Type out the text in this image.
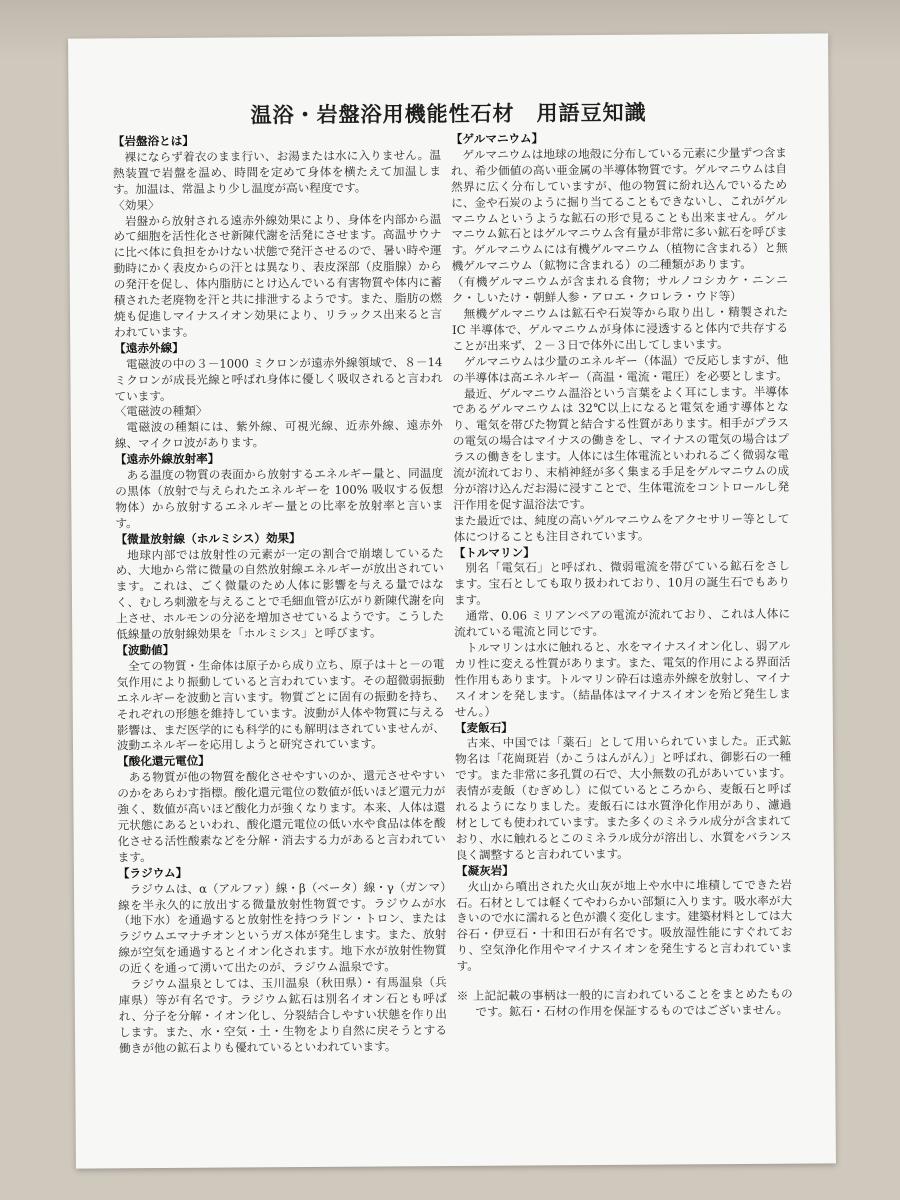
温浴・岩盤浴用機能性石材　用語豆知識
【岩盤浴とは】
裸にならず着衣のまま行い、お湯または水に入りません。温熱装置で岩盤を温め、時間を定めて身体を横たえて加温します。加温は、常温より少し温度が高い程度です。
〈効果〉
岩盤から放射される遠赤外線効果により、身体を内部から温めて細胞を活性化させ新陳代謝を活発にさせます。高温サウナに比べ体に負担をかけない状態で発汗させるので、暑い時や運動時にかく表皮からの汗とは異なり、表皮深部（皮脂腺）からの発汗を促し、体内脂肪にとけ込んでいる有害物質や体内に蓄積された老廃物を汗と共に排泄するようです。また、脂肪の燃焼も促進しマイナスイオン効果により、リラックス出来ると言われています。
【遠赤外線】
電磁波の中の３－1000 ミクロンが遠赤外線領域で、８－14 ミクロンが成長光線と呼ばれ身体に優しく吸収されると言われています。
〈電磁波の種類〉
電磁波の種類には、紫外線、可視光線、近赤外線、遠赤外線、マイクロ波があります。
【遠赤外線放射率】
ある温度の物質の表面から放射するエネルギー量と、同温度の黒体（放射で与えられたエネルギーを 100% 吸収する仮想物体）から放射するエネルギー量との比率を放射率と言います。
【微量放射線（ホルミシス）効果】
地球内部では放射性の元素が一定の割合で崩壊しているため、大地から常に微量の自然放射線エネルギーが放出されています。これは、ごく微量のため人体に影響を与える量ではなく、むしろ刺激を与えることで毛細血管が広がり新陳代謝を向上させ、ホルモンの分泌を増加させているようです。こうした低線量の放射線効果を「ホルミシス」と呼びます。
【波動値】
全ての物質・生命体は原子から成り立ち、原子は＋と－の電気作用により振動していると言われています。その超微弱振動エネルギーを波動と言います。物質ごとに固有の振動を持ち、それぞれの形態を維持しています。波動が人体や物質に与える影響は、まだ医学的にも科学的にも解明はされていませんが、波動エネルギーを応用しようと研究されています。
【酸化還元電位】
ある物質が他の物質を酸化させやすいのか、還元させやすいのかをあらわす指標。酸化還元電位の数値が低いほど還元力が強く、数値が高いほど酸化力が強くなります。本来、人体は還元状態にあるといわれ、酸化還元電位の低い水や食品は体を酸化させる活性酸素などを分解・消去する力があると言われています。
【ラジウム】
ラジウムは、α（アルファ）線・β（ベータ）線・γ（ガンマ）線を半永久的に放出する微量放射性物質です。ラジウムが水（地下水）を通過すると放射性を持つラドン・トロン、またはラジウムエマナチオンというガス体が発生します。また、放射線が空気を通過するとイオン化されます。地下水が放射性物質の近くを通って湧いて出たのが、ラジウム温泉です。
ラジウム温泉としては、玉川温泉（秋田県）・有馬温泉（兵庫県）等が有名です。ラジウム鉱石は別名イオン石とも呼ばれ、分子を分解・イオン化し、分裂結合しやすい状態を作り出します。また、水・空気・土・生物をより自然に戻そうとする働きが他の鉱石よりも優れているといわれています。
【ゲルマニウム】
ゲルマニウムは地球の地殻に分布している元素に少量ずつ含まれ、希少価値の高い亜金属の半導体物質です。ゲルマニウムは自然界に広く分布していますが、他の物質に紛れ込んでいるために、金や石炭のように掘り当てることもできないし、これがゲルマニウムというような鉱石の形で見ることも出来ません。ゲルマニウム鉱石とはゲルマニウム含有量が非常に多い鉱石を呼びます。ゲルマニウムには有機ゲルマニウム（植物に含まれる）と無機ゲルマニウム（鉱物に含まれる）の二種類があります。
（有機ゲルマニウムが含まれる食物；サルノコシカケ・ニンニク・しいたけ・朝鮮人参・アロエ・クロレラ・ウド等）
無機ゲルマニウムは鉱石や石炭等から取り出し・精製された IC 半導体で、ゲルマニウムが身体に浸透すると体内で共存することが出来ず、２－３日で体外に出してしまいます。
ゲルマニウムは少量のエネルギー（体温）で反応しますが、他の半導体は高エネルギー（高温・電流・電圧）を必要とします。
最近、ゲルマニウム温浴という言葉をよく耳にします。半導体であるゲルマニウムは 32℃以上になると電気を通す導体となり、電気を帯びた物質と結合する性質があります。相手がプラスの電気の場合はマイナスの働きをし、マイナスの電気の場合はプラスの働きをします。人体には生体電流といわれるごく微弱な電流が流れており、末梢神経が多く集まる手足をゲルマニウムの成分が溶け込んだお湯に浸すことで、生体電流をコントロールし発汗作用を促す温浴法です。
また最近では、純度の高いゲルマニウムをアクセサリー等として体につけることも注目されています。
【トルマリン】
別名「電気石」と呼ばれ、微弱電流を帯びている鉱石をさします。宝石としても取り扱われており、10月の誕生石でもあります。
通常、0.06 ミリアンペアの電流が流れており、これは人体に流れている電流と同じです。
トルマリンは水に触れると、水をマイナスイオン化し、弱アルカリ性に変える性質があります。また、電気的作用による界面活性作用もあります。トルマリン砕石は遠赤外線を放射し、マイナスイオンを発します。（結晶体はマイナスイオンを殆ど発生しません。）
【麦飯石】
古来、中国では「薬石」として用いられていました。正式鉱物名は「花崗斑岩（かこうはんがん）」と呼ばれ、御影石の一種です。また非常に多孔質の石で、大小無数の孔があいています。表情が麦飯（むぎめし）に似ているところから、麦飯石と呼ばれるようになりました。麦飯石には水質浄化作用があり、濾過材としても使われています。また多くのミネラル成分が含まれており、水に触れるとこのミネラル成分が溶出し、水質をバランス良く調整すると言われています。
【凝灰岩】
火山から噴出された火山灰が地上や水中に堆積してできた岩石。石材としては軽くてやわらかい部類に入ります。吸水率が大きいので水に濡れると色が濃く変化します。建築材料としては大谷石・伊豆石・十和田石が有名です。吸放湿性能にすぐれており、空気浄化作用やマイナスイオンを発生すると言われています。
※ 上記記載の事柄は一般的に言われていることをまとめたものです。鉱石・石材の作用を保証するものではございません。
